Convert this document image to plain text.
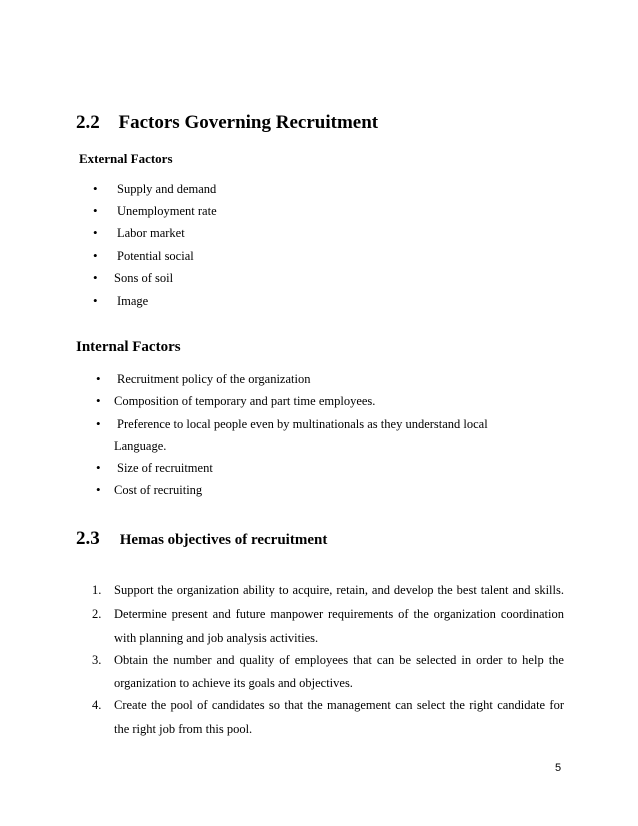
2.2 Factors Governing Recruitment
External Factors
• Supply and demand
• Unemployment rate
• Labor market
• Potential social
• Sons of soil
• Image
Internal Factors
• Recruitment policy of the organization
• Composition of temporary and part time employees.
• Preference to local people even by multinationals as they understand local
Language.
• Size of recruitment
• Cost of recruiting
2.3 Hemas objectives of recruitment
1. Support the organization ability to acquire, retain, and develop the best talent and skills.
2. Determine present and future manpower requirements of the organization coordination
with planning and job analysis activities.
3. Obtain the number and quality of employees that can be selected in order to help the
organization to achieve its goals and objectives.
4. Create the pool of candidates so that the management can select the right candidate for
the right job from this pool.
5
